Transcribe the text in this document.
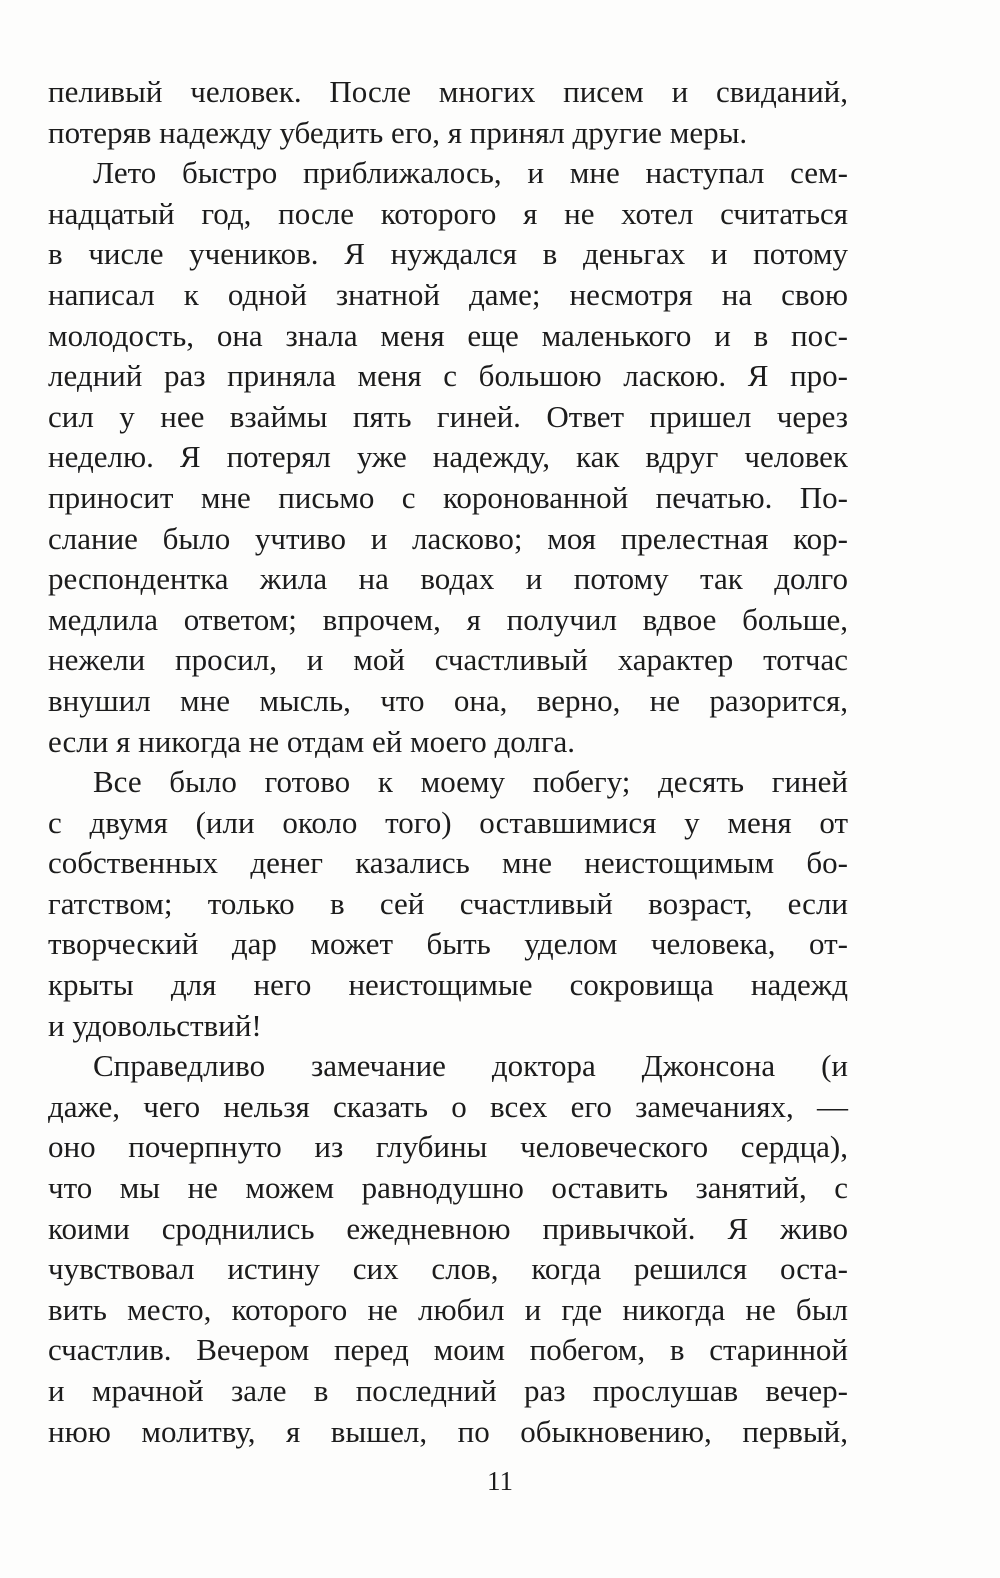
пеливый человек. После многих писем и свиданий,
потеряв надежду убедить его, я принял другие меры.
Лето быстро приближалось, и мне наступал сем-
надцатый год, после которого я не хотел считаться
в числе учеников. Я нуждался в деньгах и потому
написал к одной знатной даме; несмотря на свою
молодость, она знала меня еще маленького и в пос-
ледний раз приняла меня с большою ласкою. Я про-
сил у нее взаймы пять гиней. Ответ пришел через
неделю. Я потерял уже надежду, как вдруг человек
приносит мне письмо с коронованной печатью. По-
слание было учтиво и ласково; моя прелестная кор-
респондентка жила на водах и потому так долго
медлила ответом; впрочем, я получил вдвое больше,
нежели просил, и мой счастливый характер тотчас
внушил мне мысль, что она, верно, не разорится,
если я никогда не отдам ей моего долга.
Все было готово к моему побегу; десять гиней
с двумя (или около того) оставшимися у меня от
собственных денег казались мне неистощимым бо-
гатством; только в сей счастливый возраст, если
творческий дар может быть уделом человека, от-
крыты для него неистощимые сокровища надежд
и удовольствий!
Справедливо замечание доктора Джонсона (и
даже, чего нельзя сказать о всех его замечаниях, —
оно почерпнуто из глубины человеческого сердца),
что мы не можем равнодушно оставить занятий, с
коими сроднились ежедневною привычкой. Я живо
чувствовал истину сих слов, когда решился оста-
вить место, которого не любил и где никогда не был
счастлив. Вечером перед моим побегом, в старинной
и мрачной зале в последний раз прослушав вечер-
нюю молитву, я вышел, по обыкновению, первый,
11
